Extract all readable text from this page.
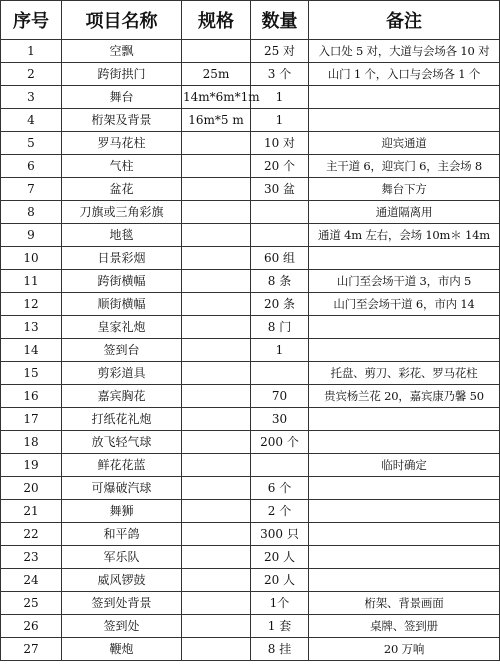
序号	项目名称	规格	数量	备注
1	空飘		25 对	入口处 5 对，大道与会场各 10 对
2	跨街拱门	25m	3 个	山门 1 个，入口与会场各 1 个
3	舞台	14m*6m*1m	1	
4	桁架及背景	16m*5 m	1	
5	罗马花柱		10 对	迎宾通道
6	气柱		20 个	主干道 6，迎宾门 6，主会场 8
7	盆花		30 盆	舞台下方
8	刀旗或三角彩旗			通道隔离用
9	地毯			通道 4m 左右，会场 10m＊ 14m
10	日景彩烟		60 组	
11	跨街横幅		8 条	山门至会场干道 3，市内 5
12	顺街横幅		20 条	山门至会场干道 6，市内 14
13	皇家礼炮		8 门	
14	签到台		1	
15	剪彩道具			托盘、剪刀、彩花、罗马花柱
16	嘉宾胸花		70	贵宾杨兰花 20，嘉宾康乃馨 50
17	打纸花礼炮		30	
18	放飞轻气球		200 个	
19	鲜花花蓝			临时确定
20	可爆破汽球		6 个	
21	舞狮		2 个	
22	和平鸽		300 只	
23	军乐队		20 人	
24	威风锣鼓		20 人	
25	签到处背景		1个	桁架、背景画面
26	签到处		1 套	桌牌、签到册
27	鞭炮		8 挂	20 万响
